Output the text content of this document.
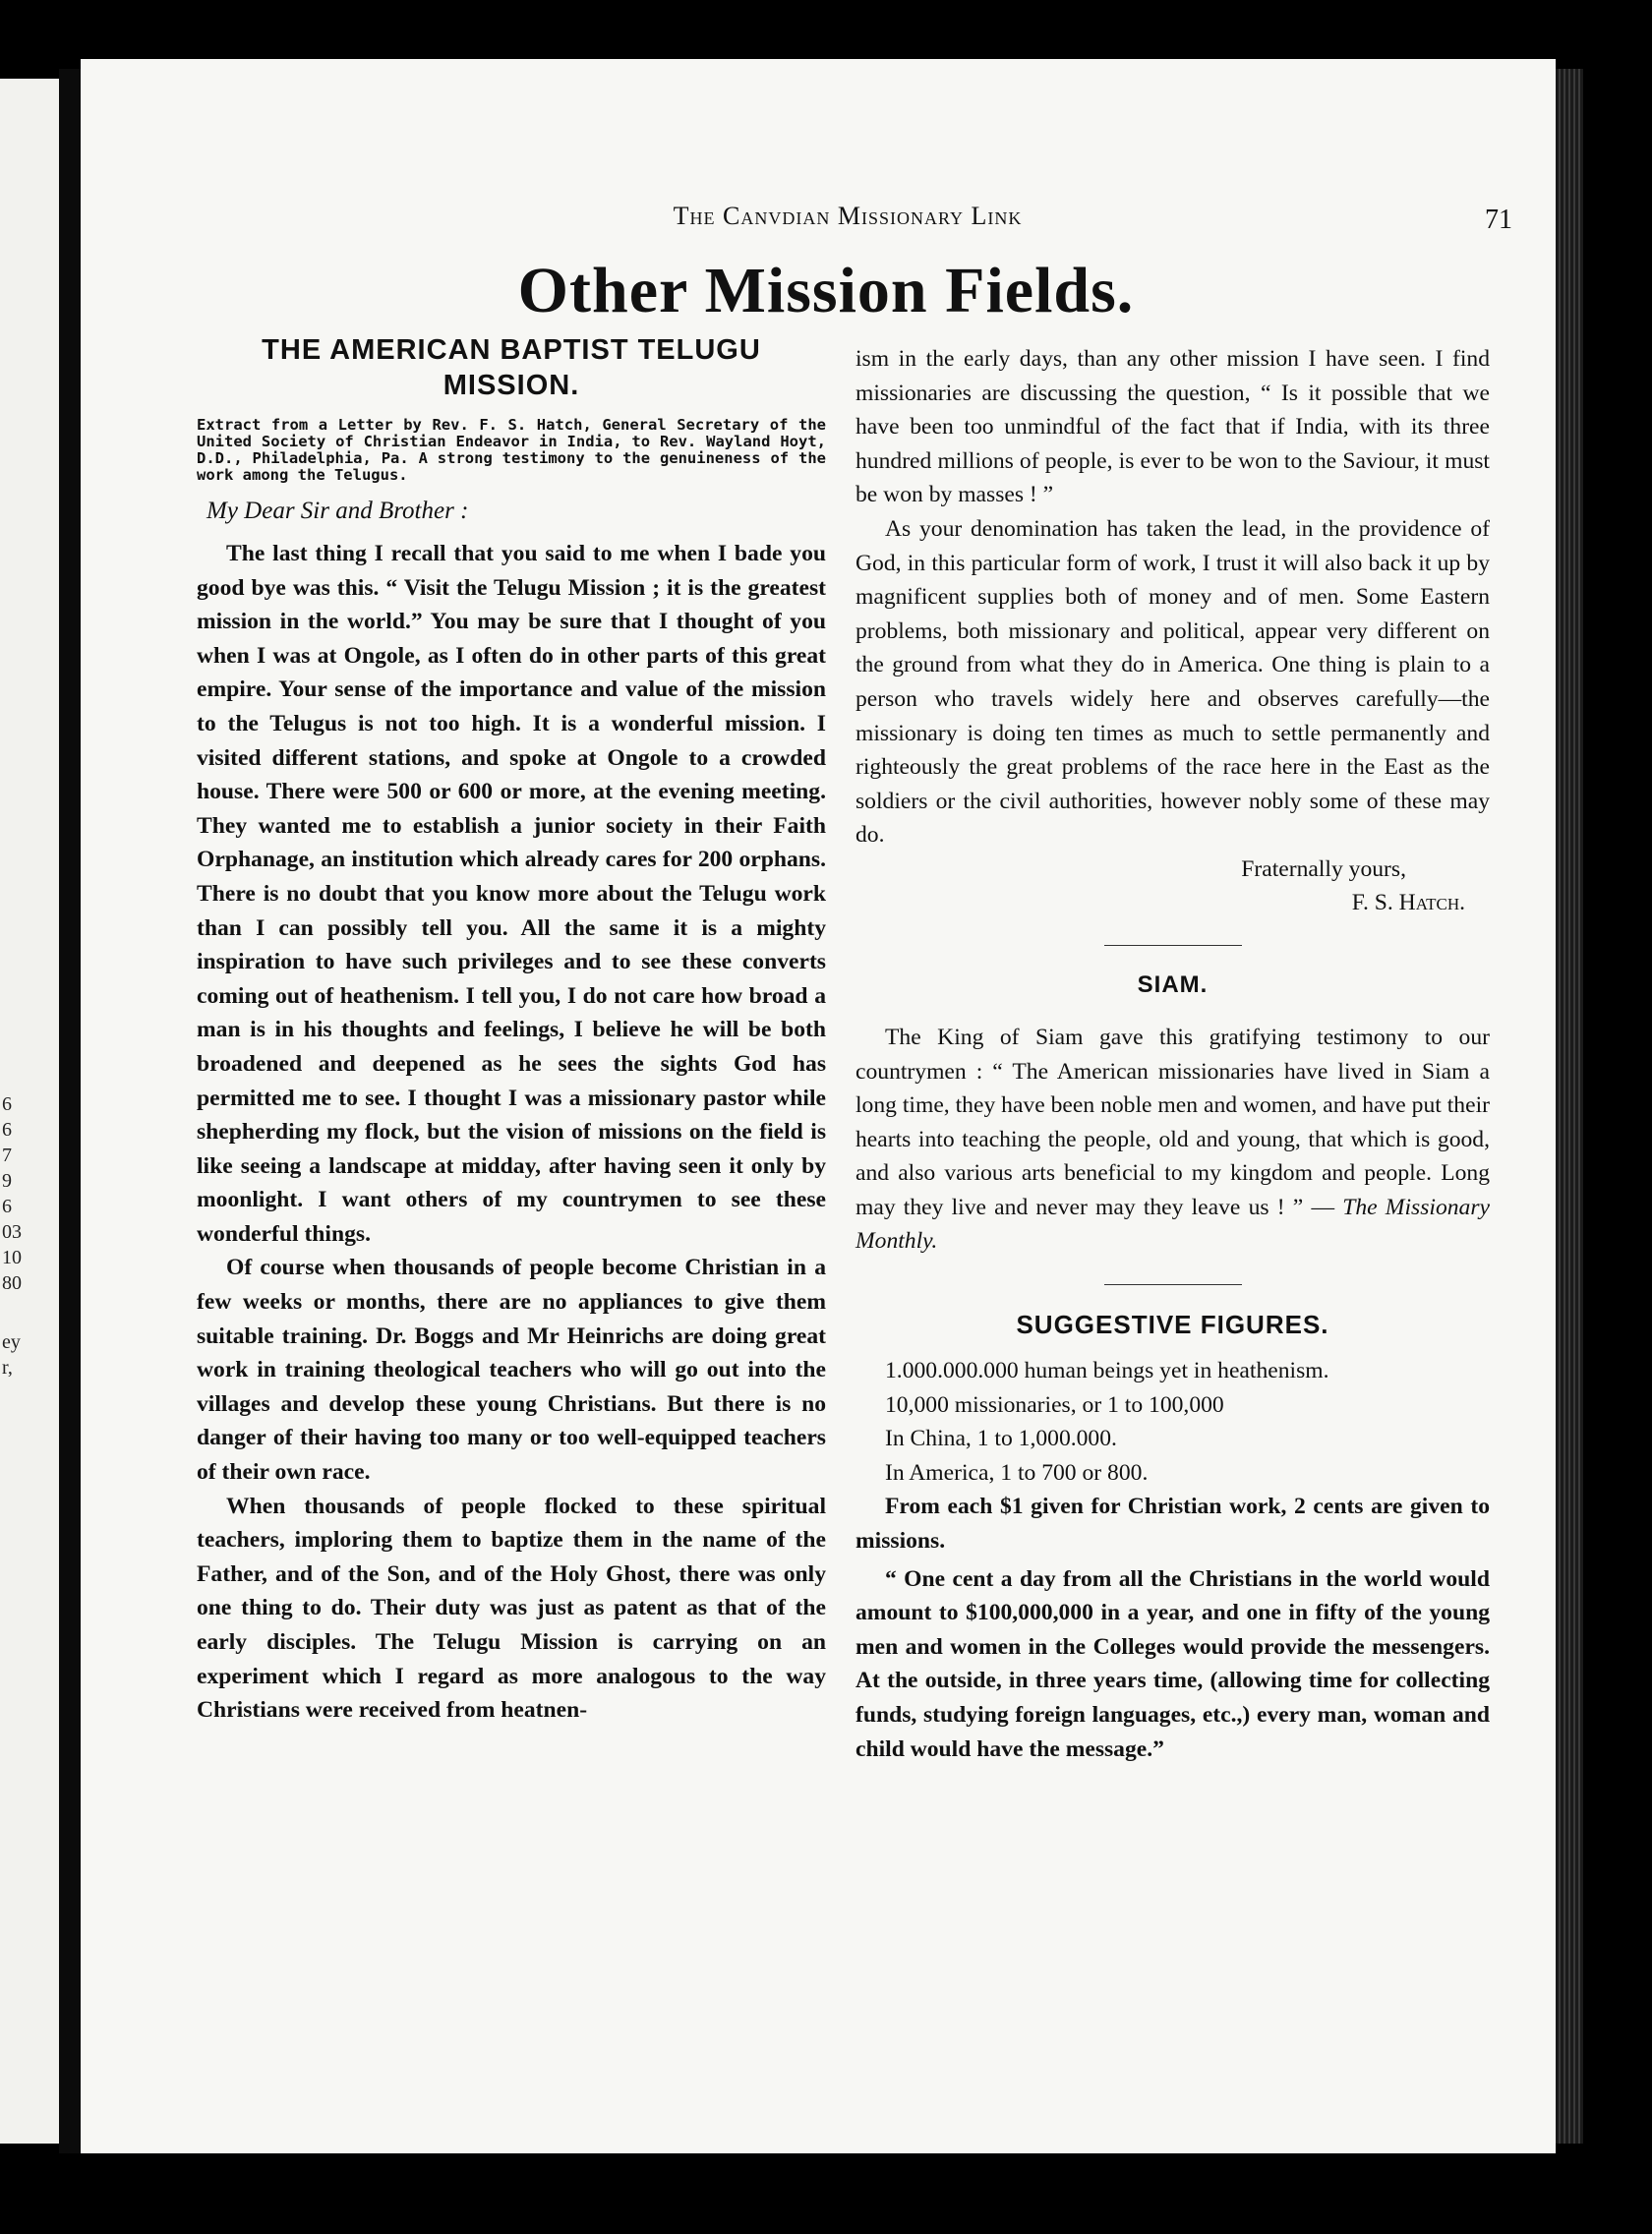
6
6
7
9
6
03
10
80
ey
r,
The Canvdian Missionary Link	71
Other Mission Fields.
THE AMERICAN BAPTIST TELUGU
MISSION.
Extract from a Letter by Rev. F. S. Hatch, General Secretary of the United Society of Christian Endeavor in India, to Rev. Wayland Hoyt, D.D., Philadelphia, Pa. A strong testimony to the genuineness of the work among the Telugus.
My Dear Sir and Brother :

The last thing I recall that you said to me when I bade you good bye was this. “ Visit the Telugu Mission ; it is the greatest mission in the world.” You may be sure that I thought of you when I was at Ongole, as I often do in other parts of this great empire. Your sense of the importance and value of the mission to the Telugus is not too high. It is a wonderful mission. I visited different stations, and spoke at Ongole to a crowded house. There were 500 or 600 or more, at the evening meeting. They wanted me to establish a junior society in their Faith Orphanage, an institution which already cares for 200 orphans. There is no doubt that you know more about the Telugu work than I can possibly tell you. All the same it is a mighty inspiration to have such privileges and to see these converts coming out of heathenism. I tell you, I do not care how broad a man is in his thoughts and feelings, I believe he will be both broadened and deepened as he sees the sights God has permitted me to see. I thought I was a missionary pastor while shepherding my flock, but the vision of missions on the field is like seeing a landscape at midday, after having seen it only by moonlight. I want others of my countrymen to see these wonderful things.

Of course when thousands of people become Christian in a few weeks or months, there are no appliances to give them suitable training. Dr. Boggs and Mr Heinrichs are doing great work in training theological teachers who will go out into the villages and develop these young Christians. But there is no danger of their having too many or too well-equipped teachers of their own race.

When thousands of people flocked to these spiritual teachers, imploring them to baptize them in the name of the Father, and of the Son, and of the Holy Ghost, there was only one thing to do. Their duty was just as patent as that of the early disciples. The Telugu Mission is carrying on an experiment which I regard as more analogous to the way Christians were received from heatnen-

ism in the early days, than any other mission I have seen. I find missionaries are discussing the question, “ Is it possible that we have been too unmindful of the fact that if India, with its three hundred millions of people, is ever to be won to the Saviour, it must be won by masses ! ”

As your denomination has taken the lead, in the providence of God, in this particular form of work, I trust it will also back it up by magnificent supplies both of money and of men. Some Eastern problems, both missionary and political, appear very different on the ground from what they do in America. One thing is plain to a person who travels widely here and observes carefully—the missionary is doing ten times as much to settle permanently and righteously the great problems of the race here in the East as the soldiers or the civil authorities, however nobly some of these may do.

Fraternally yours,
F. S. Hatch.
SIAM.

The King of Siam gave this gratifying testimony to our countrymen : “ The American missionaries have lived in Siam a long time, they have been noble men and women, and have put their hearts into teaching the people, old and young, that which is good, and also various arts beneficial to my kingdom and people. Long may they live and never may they leave us ! ” — The Missionary Monthly.

SUGGESTIVE FIGURES.

1.000.000.000 human beings yet in heathenism.

10,000 missionaries, or 1 to 100,000

In China, 1 to 1,000.000.

In America, 1 to 700 or 800.

From each $1 given for Christian work, 2 cents are given to missions.

“ One cent a day from all the Christians in the world would amount to $100,000,000 in a year, and one in fifty of the young men and women in the Colleges would provide the messengers. At the outside, in three years time, (allowing time for collecting funds, studying foreign languages, etc.,) every man, woman and child would have the message.”
